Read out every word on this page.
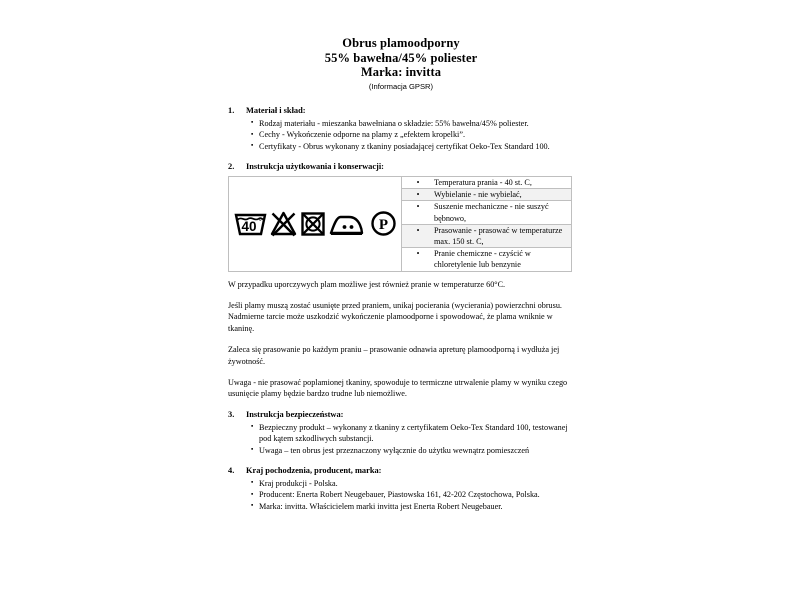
Obrus plamoodporny
55% bawełna/45% poliester
Marka: invitta
(Informacja GPSR)
1.	Materiał i skład:
▪ Rodzaj materiału - mieszanka bawełniana o składzie: 55% bawełna/45% poliester.
▪ Cechy - Wykończenie odporne na plamy z „efektem kropelki”.
▪ Certyfikaty - Obrus wykonany z tkaniny posiadającej certyfikat Oeko-Tex Standard 100.
2.	Instrukcja użytkowania i konserwacji:
40 °	P

•
Temperatura prania - 40 st. C,

•
Wybielanie - nie wybielać,

•
Suszenie mechaniczne - nie suszyć bębnowo,

•
Prasowanie - prasować w temperaturze max. 150 st. C,

•
Pranie chemiczne - czyścić w chloretylenie lub benzynie
W przypadku uporczywych plam możliwe jest również pranie w temperaturze 60°C.
Jeśli plamy muszą zostać usunięte przed praniem, unikaj pocierania (wycierania) powierzchni obrusu. Nadmierne tarcie może uszkodzić wykończenie plamoodporne i spowodować, że plama wniknie w tkaninę.
Zaleca się prasowanie po każdym praniu – prasowanie odnawia apreturę plamoodporną i wydłuża jej żywotność.
Uwaga - nie prasować poplamionej tkaniny, spowoduje to termiczne utrwalenie plamy w wyniku czego usunięcie plamy będzie bardzo trudne lub niemożliwe.
3.	Instrukcja bezpieczeństwa:
▪ Bezpieczny produkt – wykonany z tkaniny z certyfikatem Oeko-Tex Standard 100, testowanej pod kątem szkodliwych substancji.
▪ Uwaga – ten obrus jest przeznaczony wyłącznie do użytku wewnątrz pomieszczeń
4.	Kraj pochodzenia, producent, marka:
▪ Kraj produkcji - Polska.
▪ Producent: Enerta Robert Neugebauer, Piastowska 161, 42-202 Częstochowa, Polska.
▪ Marka: invitta. Właścicielem marki invitta jest Enerta Robert Neugebauer.
